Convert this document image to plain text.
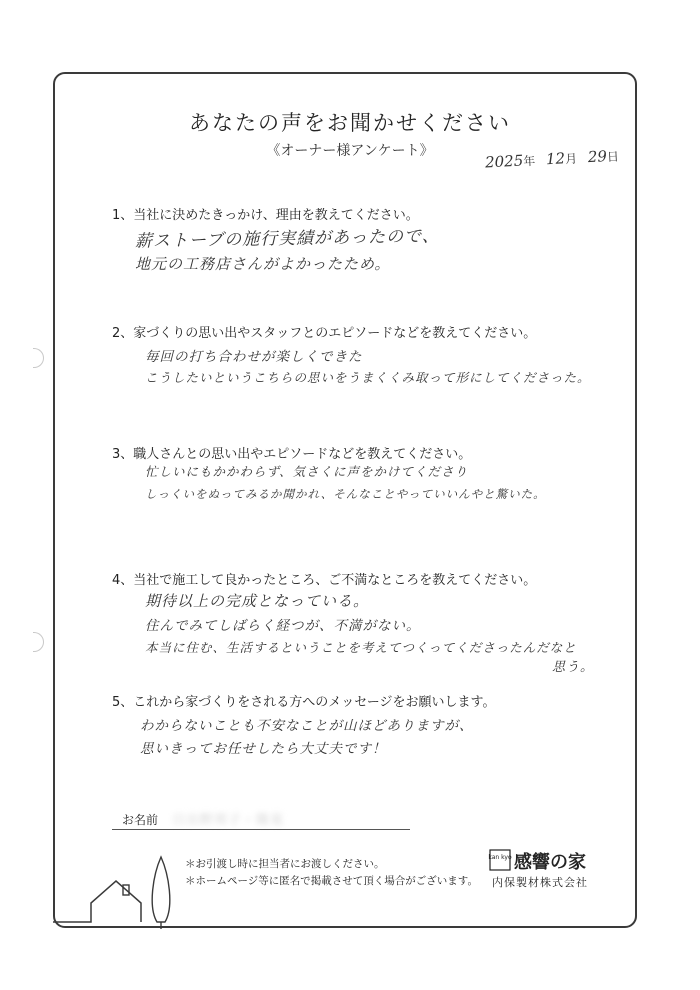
あなたの声をお聞かせください
《オーナー様アンケート》
2025年 12月 29日
1、当社に決めたきっかけ、理由を教えてください。
薪ストーブの施行実績があったので、
地元の工務店さんがよかったため。
2、家づくりの思い出やスタッフとのエピソードなどを教えてください。
毎回の打ち合わせが楽しくできた
こうしたいというこちらの思いをうまくくみ取って形にしてくださった。
3、職人さんとの思い出やエピソードなどを教えてください。
忙しいにもかかわらず、気さくに声をかけてくださり
しっくいをぬってみるか聞かれ、そんなことやっていいんやと驚いた。
4、当社で施工して良かったところ、ご不満なところを教えてください。
期待以上の完成となっている。
住んでみてしばらく経つが、不満がない。
本当に住む、生活するということを考えてつくってくださったんだなと
思う。
5、これから家づくりをされる方へのメッセージをお願いします。
わからないことも不安なことが山ほどありますが、
思いきってお任せしたら大丈夫です！
お名前 日出野邦子・隆晃
＊お引渡し時に担当者にお渡しください。
＊ホームページ等に匿名で掲載させて頂く場合がございます。
kan kyo 感響の家
内保製材株式会社
